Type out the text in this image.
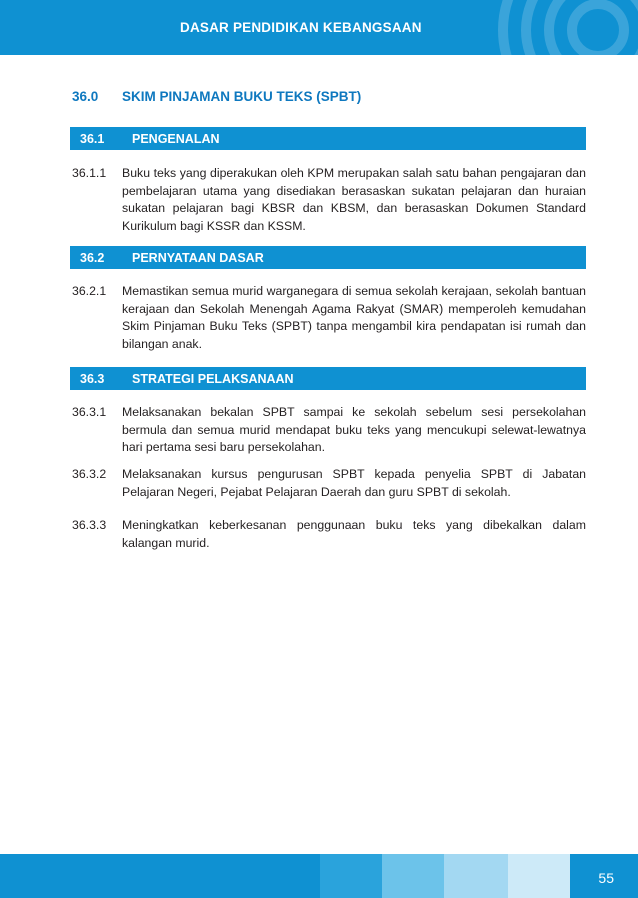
DASAR PENDIDIKAN KEBANGSAAN
36.0	SKIM PINJAMAN BUKU TEKS (SPBT)
36.1	PENGENALAN
36.1.1	Buku teks yang diperakukan oleh KPM merupakan salah satu bahan pengajaran dan pembelajaran utama yang disediakan berasaskan sukatan pelajaran dan huraian sukatan pelajaran bagi KBSR dan KBSM, dan berasaskan Dokumen Standard Kurikulum bagi KSSR dan KSSM.
36.2	PERNYATAAN DASAR
36.2.1	Memastikan semua murid warganegara di semua sekolah kerajaan, sekolah bantuan kerajaan dan Sekolah Menengah Agama Rakyat (SMAR) memperoleh kemudahan Skim Pinjaman Buku Teks (SPBT) tanpa mengambil kira pendapatan isi rumah dan bilangan anak.
36.3	STRATEGI PELAKSANAAN
36.3.1	Melaksanakan bekalan SPBT sampai ke sekolah sebelum sesi persekolahan bermula dan semua murid mendapat buku teks yang mencukupi selewat-lewatnya hari pertama sesi baru persekolahan.
36.3.2	Melaksanakan kursus pengurusan SPBT kepada penyelia SPBT di Jabatan Pelajaran Negeri, Pejabat Pelajaran Daerah dan guru SPBT di sekolah.
36.3.3	Meningkatkan keberkesanan penggunaan buku teks yang dibekalkan dalam kalangan murid.
55
